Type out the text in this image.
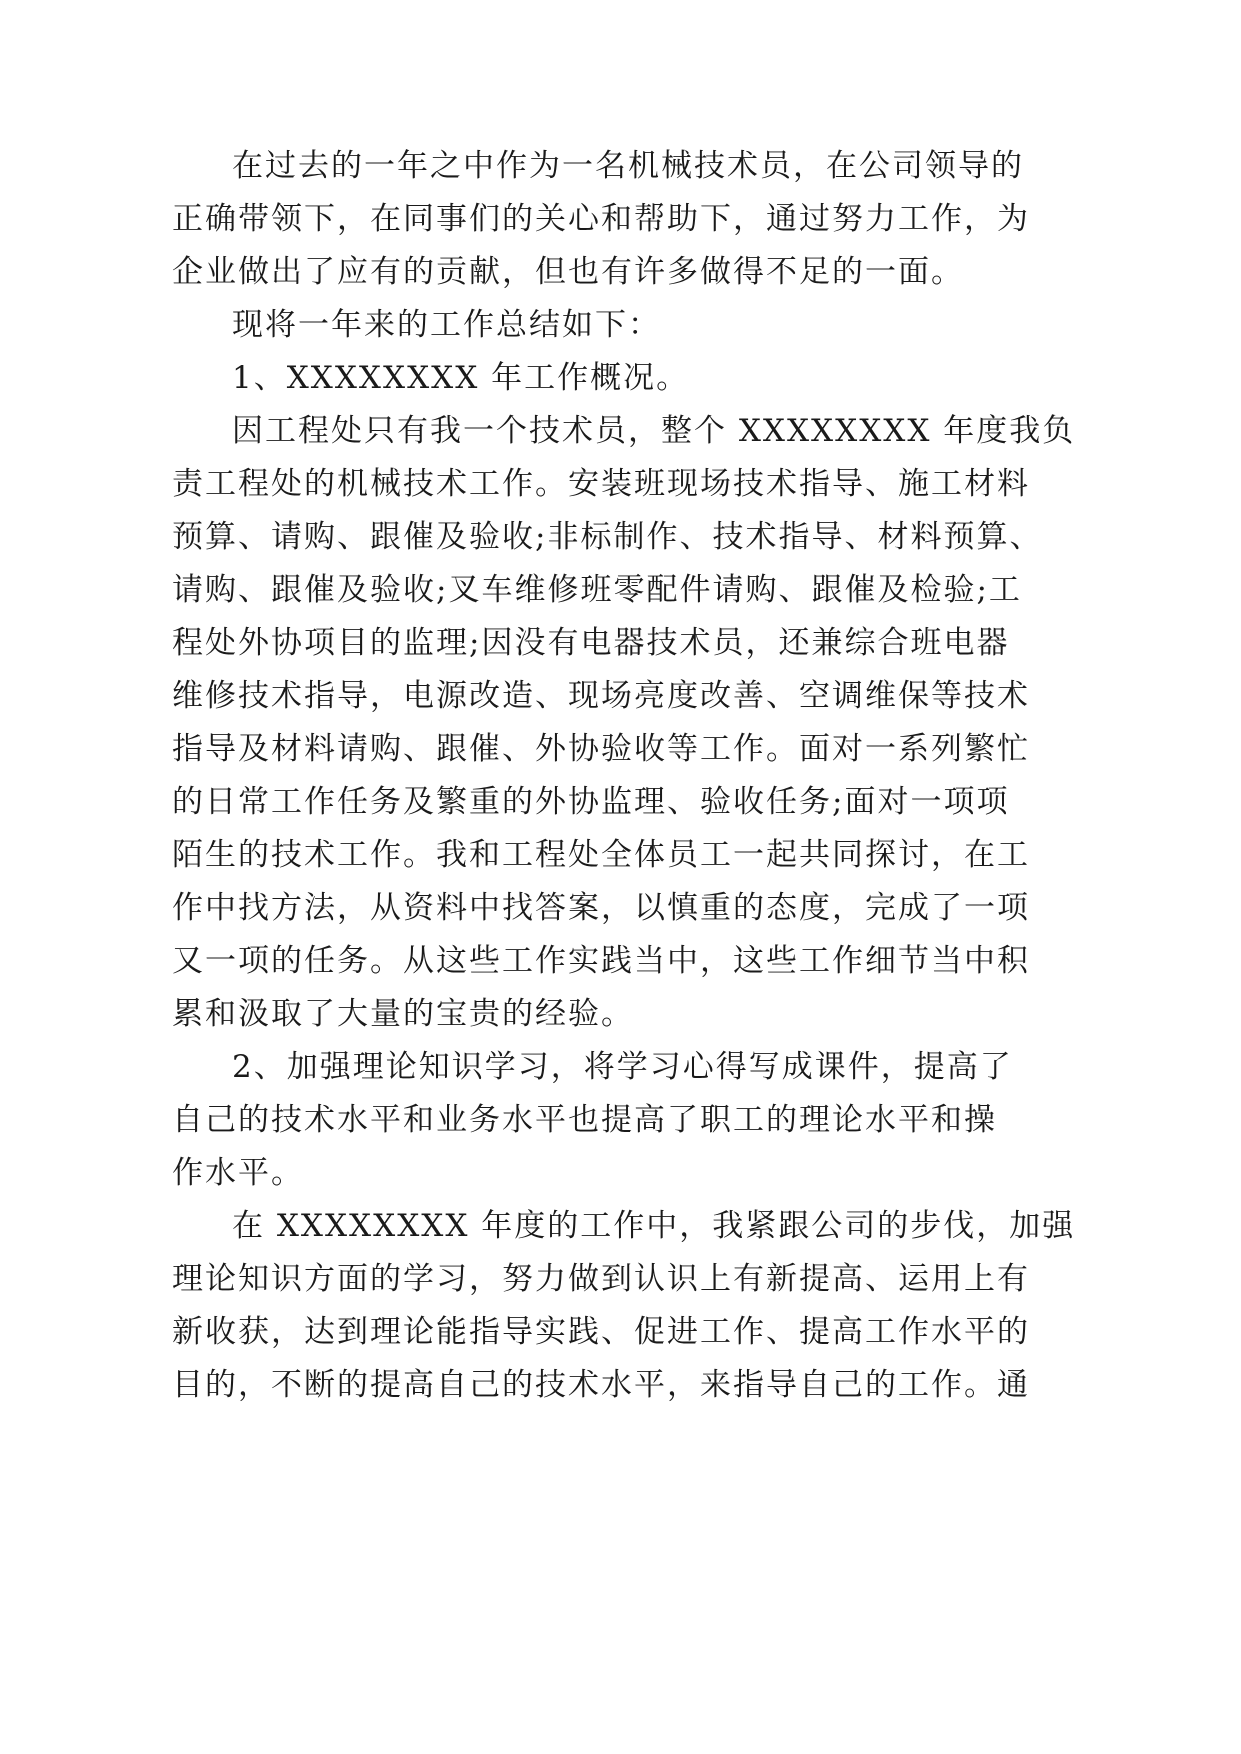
在过去的一年之中作为一名机械技术员，在公司领导的
正确带领下，在同事们的关心和帮助下，通过努力工作，为
企业做出了应有的贡献，但也有许多做得不足的一面。
现将一年来的工作总结如下：
1、XXXXXXXX 年工作概况。
因工程处只有我一个技术员，整个 XXXXXXXX 年度我负
责工程处的机械技术工作。安装班现场技术指导、施工材料
预算、请购、跟催及验收;非标制作、技术指导、材料预算、
请购、跟催及验收;叉车维修班零配件请购、跟催及检验;工
程处外协项目的监理;因没有电器技术员，还兼综合班电器
维修技术指导，电源改造、现场亮度改善、空调维保等技术
指导及材料请购、跟催、外协验收等工作。面对一系列繁忙
的日常工作任务及繁重的外协监理、验收任务;面对一项项
陌生的技术工作。我和工程处全体员工一起共同探讨，在工
作中找方法，从资料中找答案，以慎重的态度，完成了一项
又一项的任务。从这些工作实践当中，这些工作细节当中积
累和汲取了大量的宝贵的经验。
2、加强理论知识学习，将学习心得写成课件，提高了
自己的技术水平和业务水平也提高了职工的理论水平和操
作水平。
在 XXXXXXXX 年度的工作中，我紧跟公司的步伐，加强
理论知识方面的学习，努力做到认识上有新提高、运用上有
新收获，达到理论能指导实践、促进工作、提高工作水平的
目的，不断的提高自己的技术水平，来指导自己的工作。通
